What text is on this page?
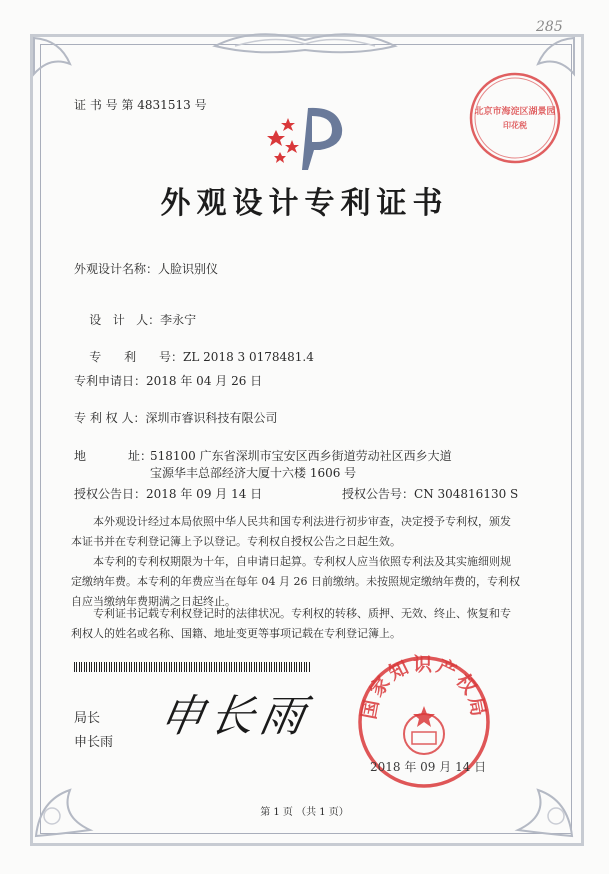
285
证 书 号 第 4831513 号	北京市海淀区湖景园
印花税
外观设计专利证书
外观设计名称：人脸识别仪

设   计   人：李永宁

专      利      号：ZL 2018 3 0178481.4

专利申请日：2018 年 04 月 26 日
专 利 权 人：深圳市睿识科技有限公司
地           址：
518100 广东省深圳市宝安区西乡街道劳动社区西乡大道
宝源华丰总部经济大厦十六楼 1606 号
授权公告日：2018 年 09 月 14 日	授权公告号：CN 304816130 S
本外观设计经过本局依照中华人民共和国专利法进行初步审查，决定授予专利权，颁发
本证书并在专利登记簿上予以登记。专利权自授权公告之日起生效。
本专利的专利权期限为十年，自申请日起算。专利权人应当依照专利法及其实施细则规
定缴纳年费。本专利的年费应当在每年 04 月 26 日前缴纳。未按照规定缴纳年费的，专利权
自应当缴纳年费期满之日起终止。
专利证书记载专利权登记时的法律状况。专利权的转移、质押、无效、终止、恢复和专
利权人的姓名或名称、国籍、地址变更等事项记载在专利登记簿上。
局长
申长雨
申长雨 国家知识产权局
2018 年 09 月 14 日
第 1 页 （共 1 页）
